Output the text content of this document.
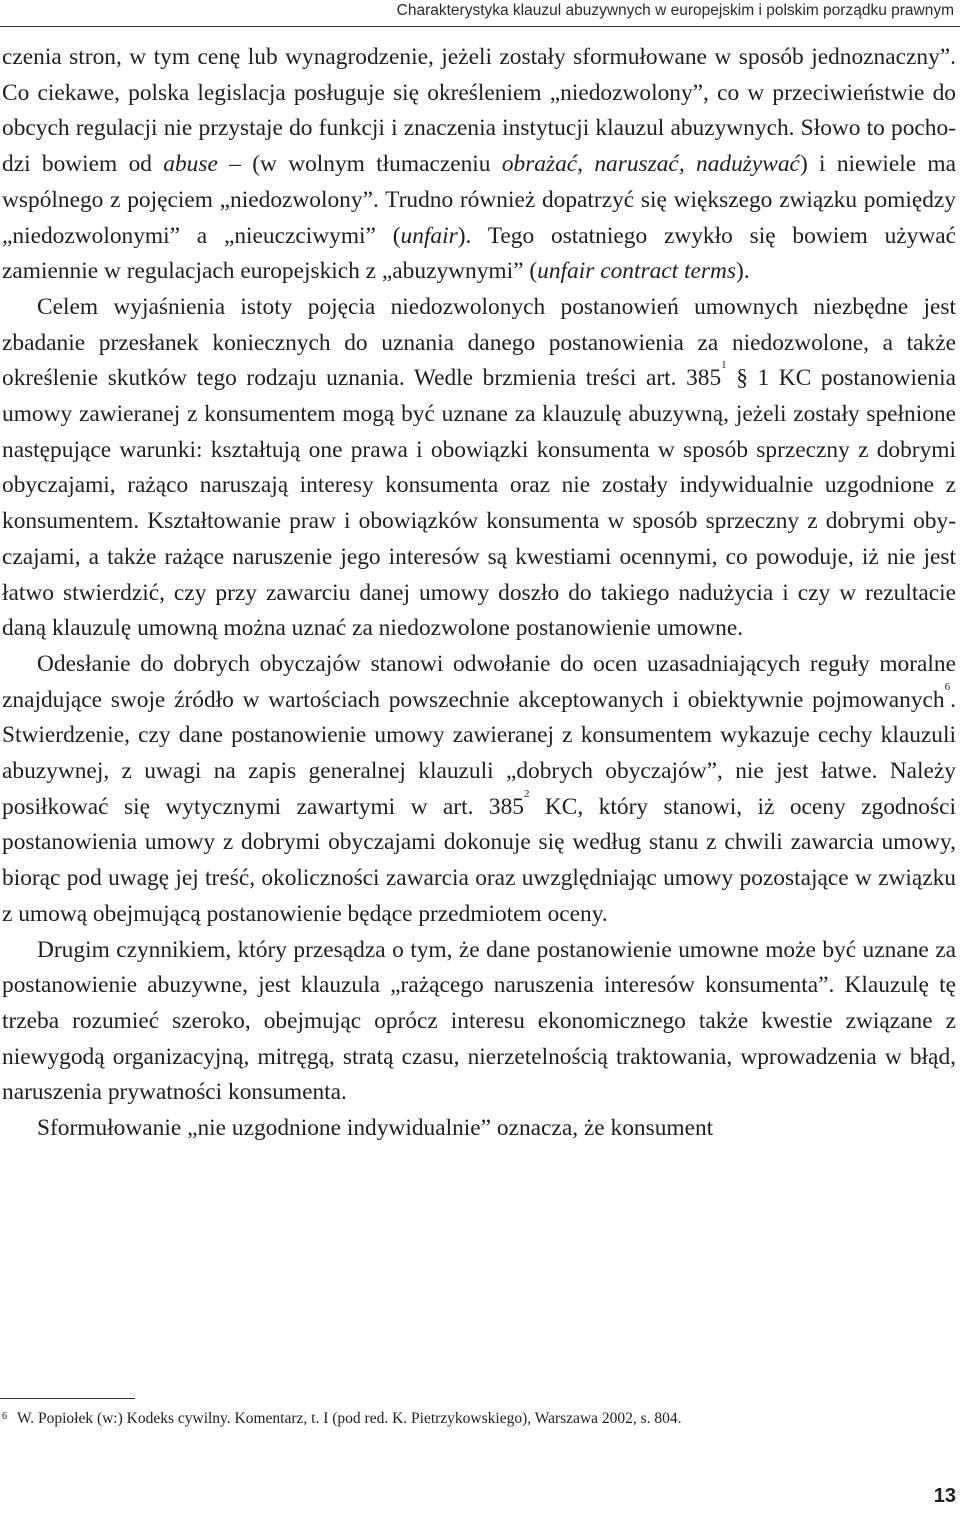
Charakterystyka klauzul abuzywnych w europejskim i polskim porządku prawnym

czenia stron, w tym cenę lub wynagrodzenie, jeżeli zostały sformułowane w sposób jednoznaczny”. Co ciekawe, polska legislacja posługuje się określeniem „niedozwolony”, co w przeciwieństwie do obcych regulacji nie przystaje do funkcji i znaczenia instytucji klauzul abuzywnych. Słowo to pochodzi bowiem od abuse – (w wolnym tłumaczeniu obrażać, naruszać, nadużywać) i niewiele ma wspólnego z pojęciem „niedozwolony”. Trudno również dopatrzyć się większego związku pomiędzy „niedozwolonymi” a „nieuczciwymi” (unfair). Tego ostatniego zwykło się bowiem używać zamiennie w regulacjach europejskich z „abuzywnymi” (unfair contract terms).

Celem wyjaśnienia istoty pojęcia niedozwolonych postanowień umownych niezbędne jest zbadanie przesłanek koniecznych do uznania danego postanowienia za niedozwolone, a także określenie skutków tego rodzaju uznania. Wedle brzmienia treści art. $385^1$ § 1 KC postanowienia umowy zawieranej z konsumentem mogą być uznane za klauzulę abuzywną, jeżeli zostały spełnione następujące warunki: kształtują one prawa i obowiązki konsumenta w sposób sprzeczny z dobrymi obyczajami, rażąco naruszają interesy konsumenta oraz nie zostały indywidualnie uzgodnione z konsumentem. Kształtowanie praw i obowiązków konsumenta w sposób sprzeczny z dobrymi obyczajami, a także rażące naruszenie jego interesów są kwestiami ocennymi, co powoduje, iż nie jest łatwo stwierdzić, czy przy zawarciu danej umowy doszło do takiego nadużycia i czy w rezultacie daną klauzulę umowną można uznać za niedozwolone postanowienie umowne.

Odesłanie do dobrych obyczajów stanowi odwołanie do ocen uzasadniających reguły moralne znajdujące swoje źródło w wartościach powszechnie akceptowanych i obiektywnie pojmowanych$^6$. Stwierdzenie, czy dane postanowienie umowy zawieranej z konsumentem wykazuje cechy klauzuli abuzywnej, z uwagi na zapis generalnej klauzuli „dobrych obyczajów”, nie jest łatwe. Należy posiłkować się wytycznymi zawartymi w art. $385^2$ KC, który stanowi, iż oceny zgodności postanowienia umowy z dobrymi obyczajami dokonuje się według stanu z chwili zawarcia umowy, biorąc pod uwagę jej treść, okoliczności zawarcia oraz uwzględniając umowy pozostające w związku z umową obejmującą postanowienie będące przedmiotem oceny.

Drugim czynnikiem, który przesądza o tym, że dane postanowienie umowne może być uznane za postanowienie abuzywne, jest klauzula „rażącego naruszenia interesów konsumenta”. Klauzulę tę trzeba rozumieć szeroko, obejmując oprócz interesu ekonomicznego także kwestie związane z niewygodą organizacyjną, mitręgą, stratą czasu, nierzetelnością traktowania, wprowadzenia w błąd, naruszenia prywatności konsumenta.

Sformułowanie „nie uzgodnione indywidualnie” oznacza, że konsument

$^6$ W. Popiołek (w:) Kodeks cywilny. Komentarz, t. I (pod red. K. Pietrzykowskiego), Warszawa 2002, s. 804.
13
